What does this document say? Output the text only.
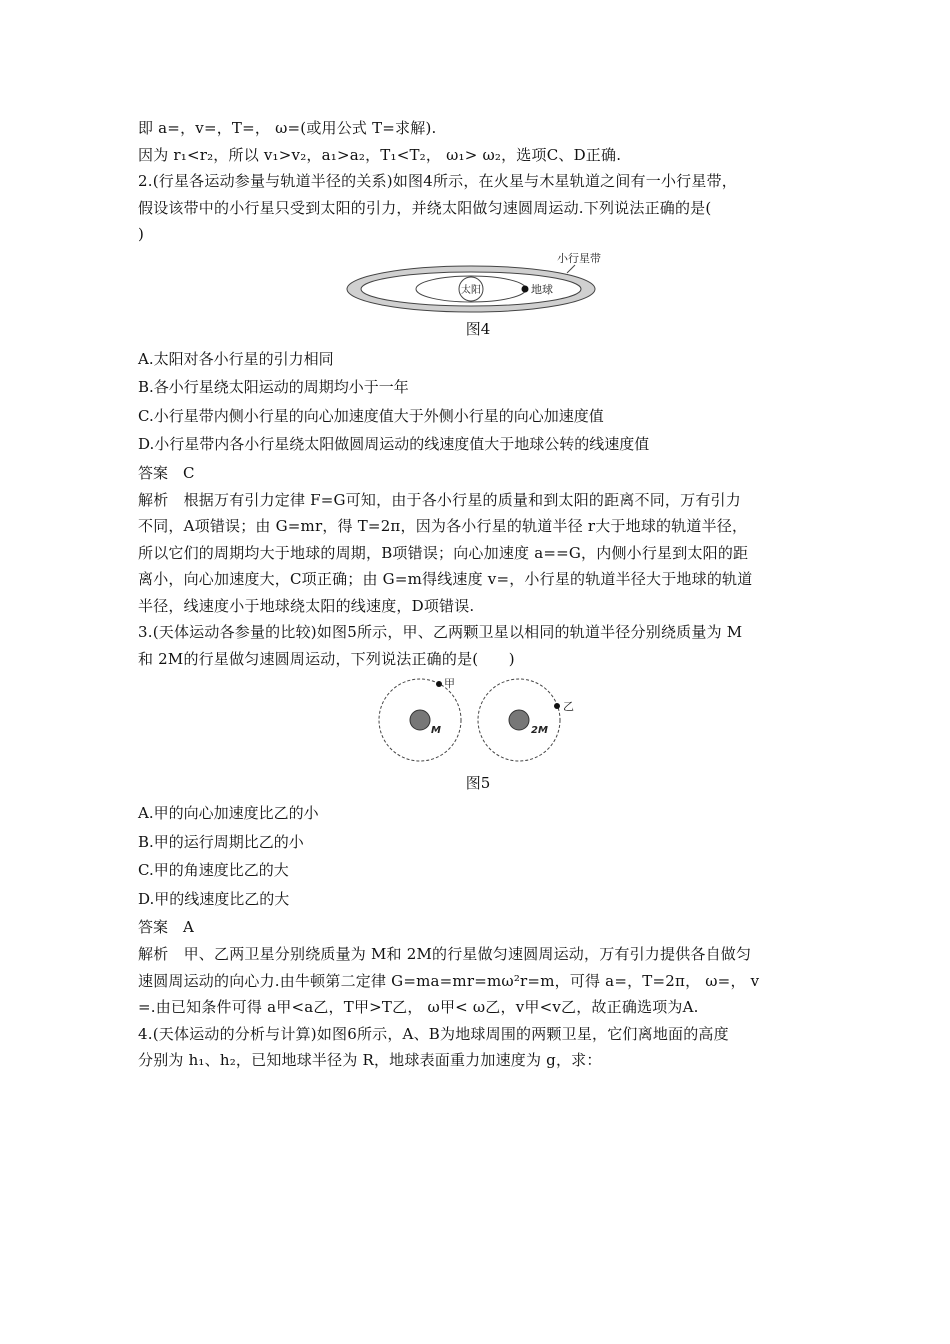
即 a=，v=，T=， ω=(或用公式 T=求解).
因为 r₁<r₂，所以 v₁>v₂，a₁>a₂，T₁<T₂， ω₁> ω₂，选项C、D正确.
2.(行星各运动参量与轨道半径的关系)如图4所示，在火星与木星轨道之间有一小行星带，
假设该带中的小行星只受到太阳的引力，并绕太阳做匀速圆周运动.下列说法正确的是(
)
太阳	地球
小行星带
图4
A.太阳对各小行星的引力相同
B.各小行星绕太阳运动的周期均小于一年
C.小行星带内侧小行星的向心加速度值大于外侧小行星的向心加速度值
D.小行星带内各小行星绕太阳做圆周运动的线速度值大于地球公转的线速度值
答案　C
解析　根据万有引力定律 F=G可知，由于各小行星的质量和到太阳的距离不同，万有引力
不同，A项错误；由 G=mr，得 T=2π，因为各小行星的轨道半径 r大于地球的轨道半径，
所以它们的周期均大于地球的周期，B项错误；向心加速度 a==G，内侧小行星到太阳的距
离小，向心加速度大，C项正确；由 G=m得线速度 v=，小行星的轨道半径大于地球的轨道
半径，线速度小于地球绕太阳的线速度，D项错误.
3.(天体运动各参量的比较)如图5所示，甲、乙两颗卫星以相同的轨道半径分别绕质量为 M
和 2M的行星做匀速圆周运动，下列说法正确的是(　　)
M
甲
2M
乙
图5
A.甲的向心加速度比乙的小
B.甲的运行周期比乙的小
C.甲的角速度比乙的大
D.甲的线速度比乙的大
答案　A
解析　甲、乙两卫星分别绕质量为 M和 2M的行星做匀速圆周运动，万有引力提供各自做匀
速圆周运动的向心力.由牛顿第二定律 G=ma=mr=mω²r=m，可得 a=，T=2π， ω=， v
=.由已知条件可得 a甲<a乙，T甲>T乙， ω甲< ω乙，v甲<v乙，故正确选项为A.
4.(天体运动的分析与计算)如图6所示，A、B为地球周围的两颗卫星，它们离地面的高度
分别为 h₁、h₂，已知地球半径为 R，地球表面重力加速度为 g，求：
